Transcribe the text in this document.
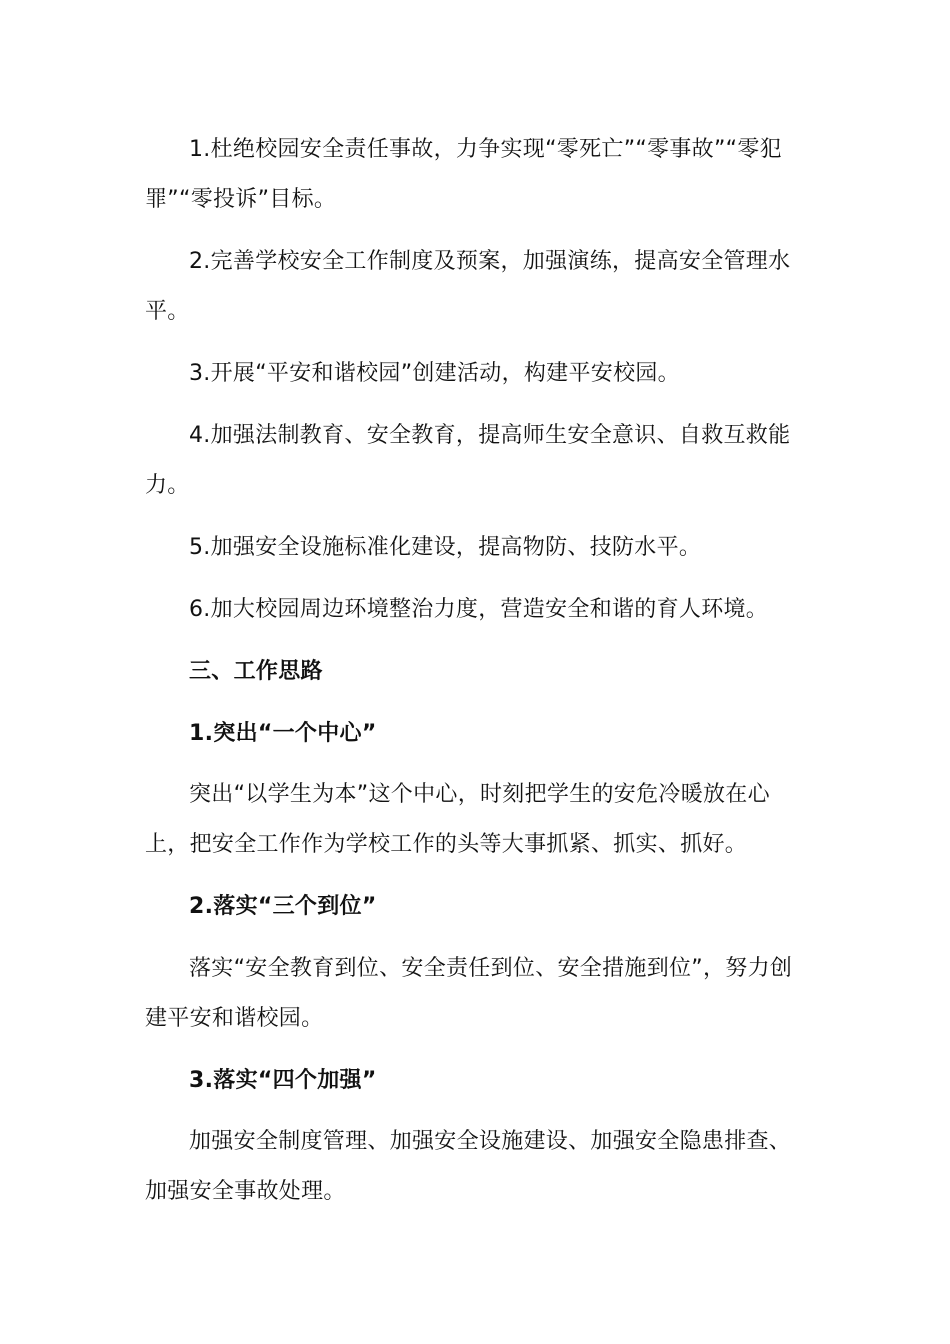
1.杜绝校园安全责任事故，力争实现“零死亡”“零事故”“零犯罪”“零投诉”目标。

2.完善学校安全工作制度及预案，加强演练，提高安全管理水平。

3.开展“平安和谐校园”创建活动，构建平安校园。

4.加强法制教育、安全教育，提高师生安全意识、自救互救能力。

5.加强安全设施标准化建设，提高物防、技防水平。

6.加大校园周边环境整治力度，营造安全和谐的育人环境。

三、工作思路

1.突出“一个中心”

突出“以学生为本”这个中心，时刻把学生的安危冷暖放在心上，把安全工作作为学校工作的头等大事抓紧、抓实、抓好。

2.落实“三个到位”

落实“安全教育到位、安全责任到位、安全措施到位”，努力创建平安和谐校园。

3.落实“四个加强”

加强安全制度管理、加强安全设施建设、加强安全隐患排查、加强安全事故处理。
